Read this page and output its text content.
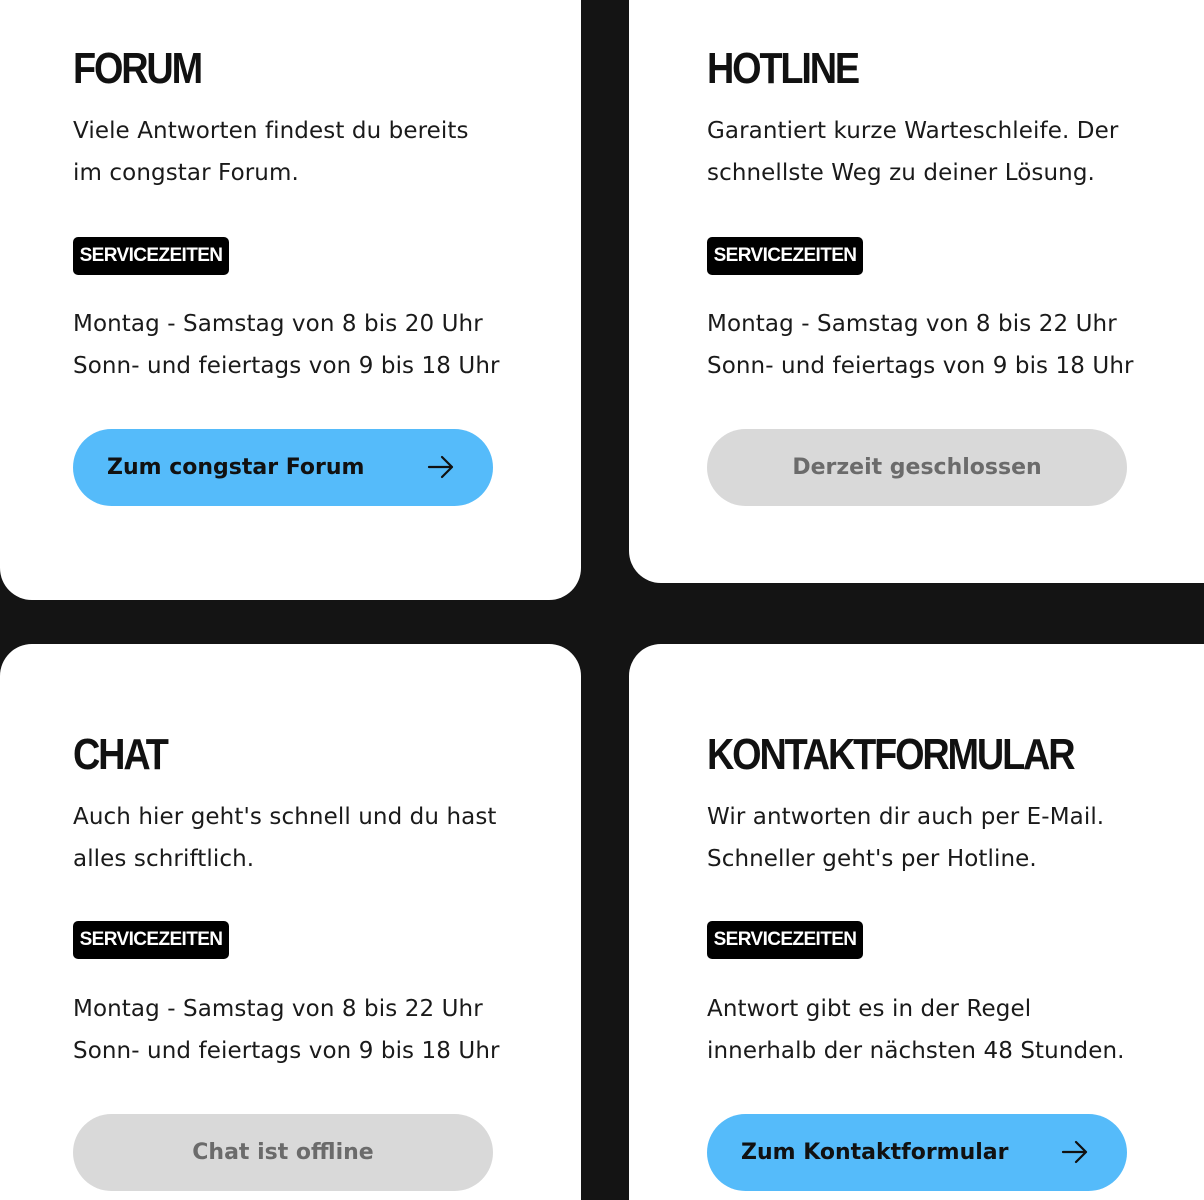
FORUM

Viele Antworten findest du bereits
im congstar Forum.

SERVICEZEITEN

Montag - Samstag von 8 bis 20 Uhr
Sonn- und feiertags von 9 bis 18 Uhr

Zum congstar Forum
HOTLINE

Garantiert kurze Warteschleife. Der
schnellste Weg zu deiner Lösung.

SERVICEZEITEN

Montag - Samstag von 8 bis 22 Uhr
Sonn- und feiertags von 9 bis 18 Uhr

Derzeit geschlossen
CHAT

Auch hier geht's schnell und du hast
alles schriftlich.

SERVICEZEITEN

Montag - Samstag von 8 bis 22 Uhr
Sonn- und feiertags von 9 bis 18 Uhr

Chat ist offline
KONTAKTFORMULAR

Wir antworten dir auch per E-Mail.
Schneller geht's per Hotline.

SERVICEZEITEN

Antwort gibt es in der Regel
innerhalb der nächsten 48 Stunden.

Zum Kontaktformular
